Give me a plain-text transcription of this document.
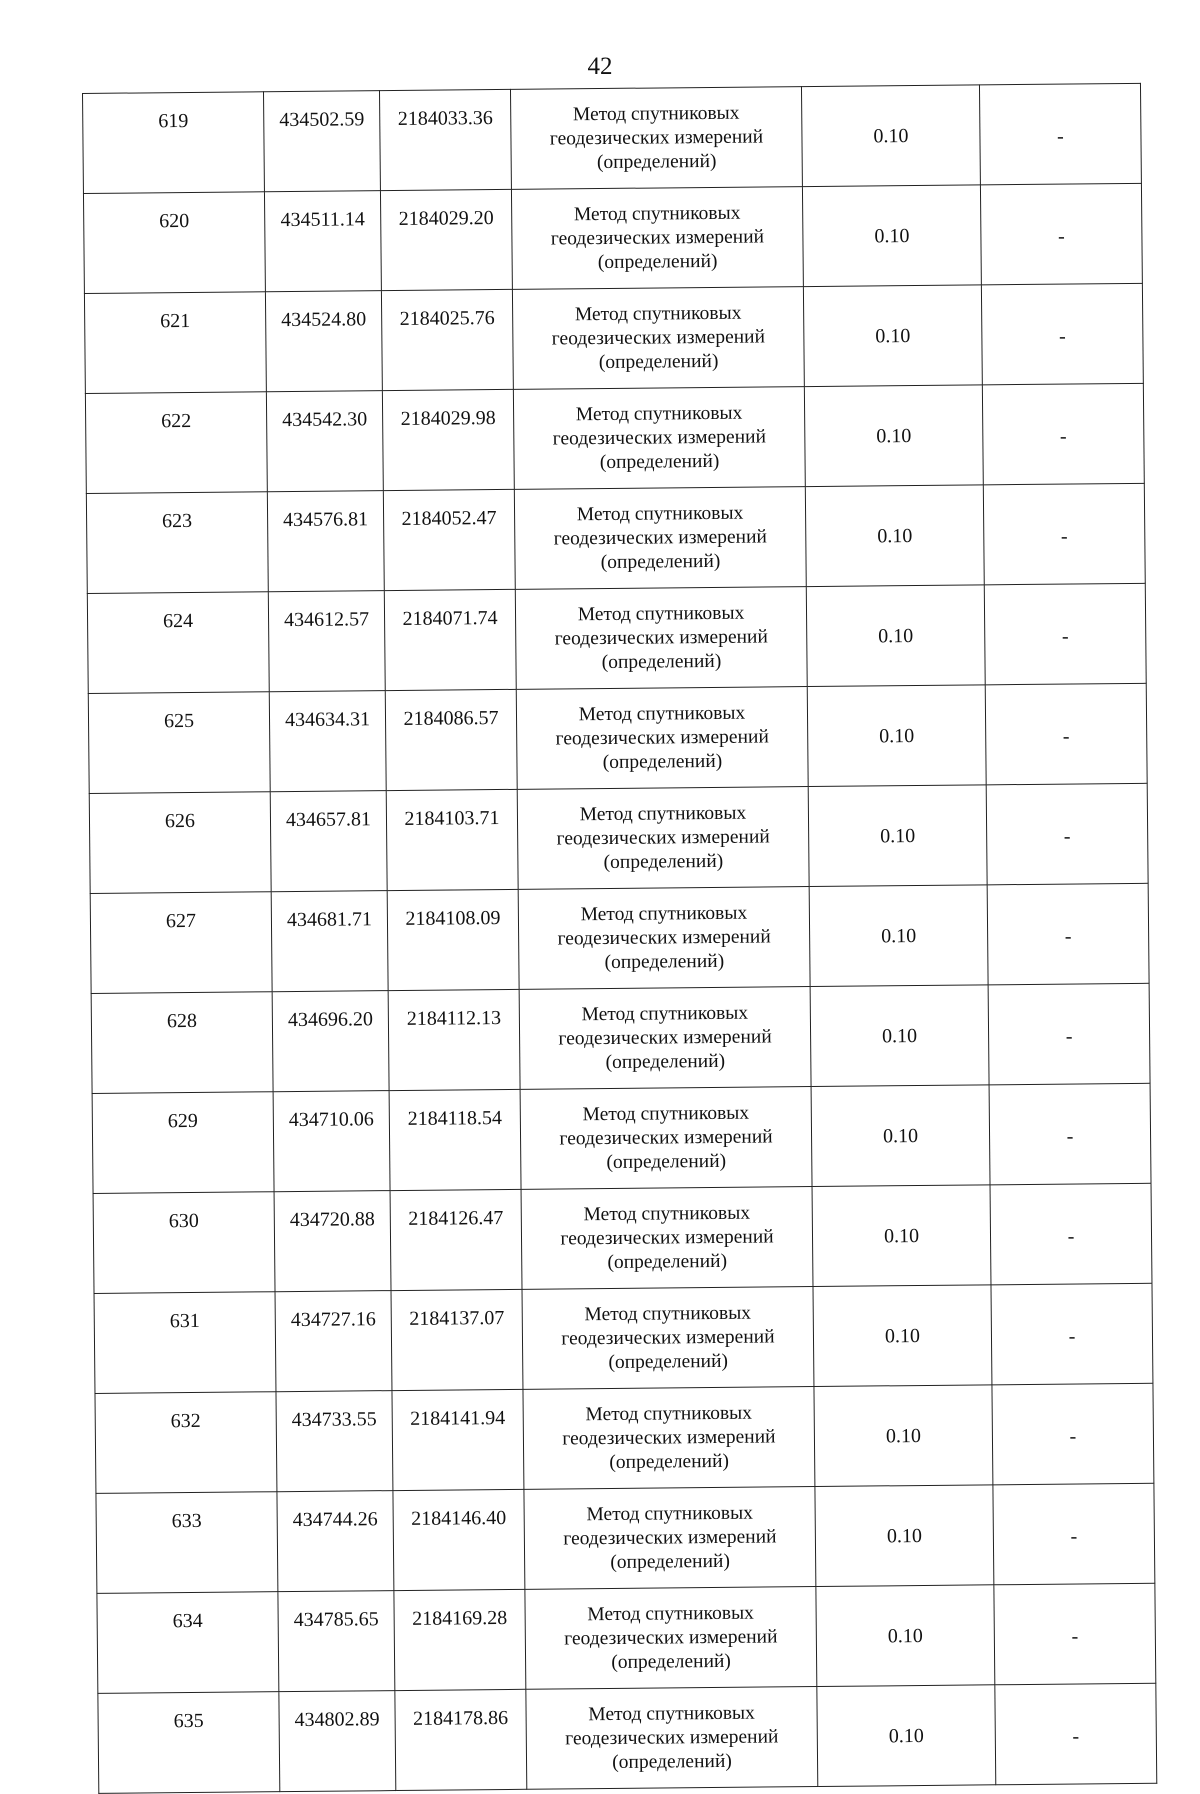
42
619	434502.59	2184033.36	Метод спутниковых
геодезических измерений
(определений)	0.10	-
620	434511.14	2184029.20	Метод спутниковых
геодезических измерений
(определений)	0.10	-
621	434524.80	2184025.76	Метод спутниковых
геодезических измерений
(определений)	0.10	-
622	434542.30	2184029.98	Метод спутниковых
геодезических измерений
(определений)	0.10	-
623	434576.81	2184052.47	Метод спутниковых
геодезических измерений
(определений)	0.10	-
624	434612.57	2184071.74	Метод спутниковых
геодезических измерений
(определений)	0.10	-
625	434634.31	2184086.57	Метод спутниковых
геодезических измерений
(определений)	0.10	-
626	434657.81	2184103.71	Метод спутниковых
геодезических измерений
(определений)	0.10	-
627	434681.71	2184108.09	Метод спутниковых
геодезических измерений
(определений)	0.10	-
628	434696.20	2184112.13	Метод спутниковых
геодезических измерений
(определений)	0.10	-
629	434710.06	2184118.54	Метод спутниковых
геодезических измерений
(определений)	0.10	-
630	434720.88	2184126.47	Метод спутниковых
геодезических измерений
(определений)	0.10	-
631	434727.16	2184137.07	Метод спутниковых
геодезических измерений
(определений)	0.10	-
632	434733.55	2184141.94	Метод спутниковых
геодезических измерений
(определений)	0.10	-
633	434744.26	2184146.40	Метод спутниковых
геодезических измерений
(определений)	0.10	-
634	434785.65	2184169.28	Метод спутниковых
геодезических измерений
(определений)	0.10	-
635	434802.89	2184178.86	Метод спутниковых
геодезических измерений
(определений)	0.10	-
